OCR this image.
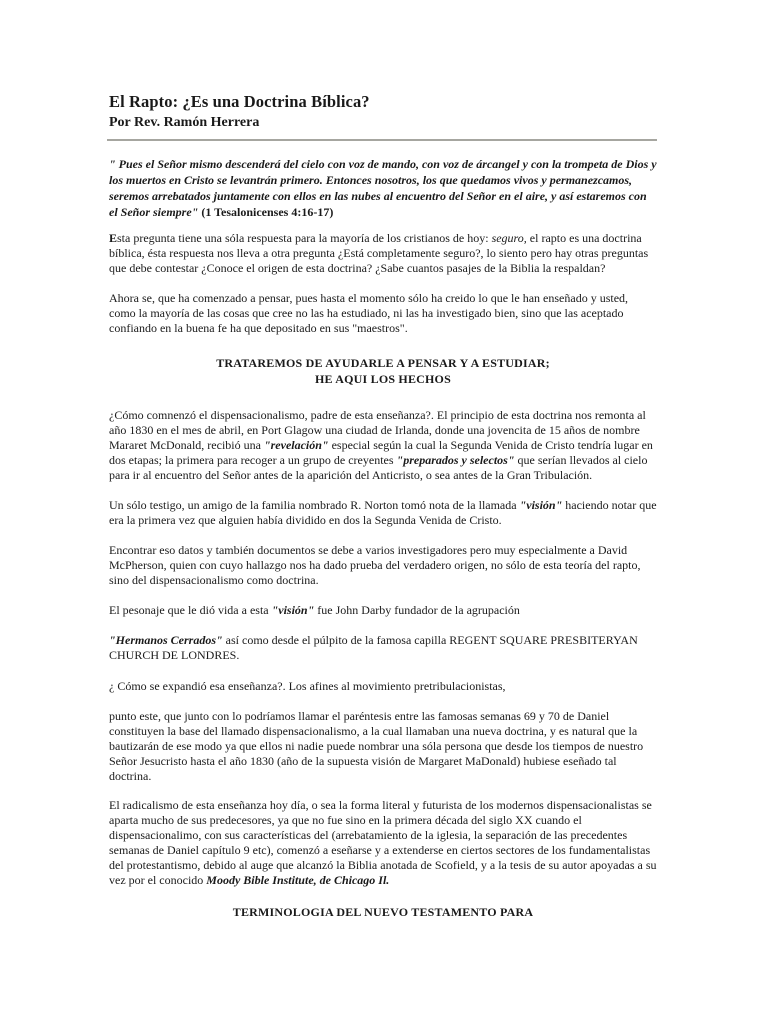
El Rapto: ¿Es una Doctrina Bíblica?
Por Rev. Ramón Herrera

" Pues el Señor mismo descenderá del cielo con voz de mando, con voz de árcangel y con la trompeta de Dios y los muertos en Cristo se levantrán primero. Entonces nosotros, los que quedamos vivos y permanezcamos, seremos arrebatados juntamente con ellos en las nubes al encuentro del Señor en el aire, y así estaremos con el Señor siempre" (1 Tesalonicenses 4:16-17)

Esta pregunta tiene una sóla respuesta para la mayoría de los cristianos de hoy: seguro, el rapto es una doctrina bíblica, ésta respuesta nos lleva a otra pregunta ¿Está completamente seguro?, lo siento pero hay otras preguntas que debe contestar ¿Conoce el origen de esta doctrina? ¿Sabe cuantos pasajes de la Biblia la respaldan?

Ahora se, que ha comenzado a pensar, pues hasta el momento sólo ha creido lo que le han enseñado y usted, como la mayoría de las cosas que cree no las ha estudiado, ni las ha investigado bien, sino que las aceptado confiando en la buena fe ha que depositado en sus "maestros".

TRATAREMOS DE AYUDARLE A PENSAR Y A ESTUDIAR;
HE AQUI LOS HECHOS

¿Cómo comnenzó el dispensacionalismo, padre de esta enseñanza?. El principio de esta doctrina nos remonta al año 1830 en el mes de abril, en Port Glagow una ciudad de Irlanda, donde una jovencita de 15 años de nombre Mararet McDonald, recibió una "revelación" especial según la cual la Segunda Venida de Cristo tendría lugar en dos etapas; la primera para recoger a un grupo de creyentes "preparados y selectos" que serían llevados al cielo para ir al encuentro del Señor antes de la aparición del Anticristo, o sea antes de la Gran Tribulación.

Un sólo testigo, un amigo de la familia nombrado R. Norton tomó nota de la llamada "visión" haciendo notar que era la primera vez que alguien había dividido en dos la Segunda Venida de Cristo.

Encontrar eso datos y también documentos se debe a varios investigadores pero muy especialmente a David McPherson, quien con cuyo hallazgo nos ha dado prueba del verdadero origen, no sólo de esta teoría del rapto, sino del dispensacionalismo como doctrina.

El pesonaje que le dió vida a esta "visión" fue John Darby fundador de la agrupación

"Hermanos Cerrados" así como desde el púlpito de la famosa capilla REGENT SQUARE PRESBITERYAN CHURCH DE LONDRES.

¿ Cómo se expandió esa enseñanza?. Los afines al movimiento pretribulacionistas,

punto este, que junto con lo podríamos llamar el paréntesis entre las famosas semanas 69 y 70 de Daniel constituyen la base del llamado dispensacionalismo, a la cual llamaban una nueva doctrina, y es natural que la bautizarán de ese modo ya que ellos ni nadie puede nombrar una sóla persona que desde los tiempos de nuestro Señor Jesucristo hasta el año 1830 (año de la supuesta visión de Margaret MaDonald) hubiese eseñado tal doctrina.

El radicalismo de esta enseñanza hoy día, o sea la forma literal y futurista de los modernos dispensacionalistas se aparta mucho de sus predecesores, ya que no fue sino en la primera década del siglo XX cuando el dispensacionalimo, con sus características del (arrebatamiento de la iglesia, la separación de las precedentes semanas de Daniel capítulo 9 etc), comenzó a eseñarse y a extenderse en ciertos sectores de los fundamentalistas del protestantismo, debido al auge que alcanzó la Biblia anotada de Scofield, y a la tesis de su autor apoyadas a su vez por el conocido Moody Bible Institute, de Chicago Il.

TERMINOLOGIA DEL NUEVO TESTAMENTO PARA
